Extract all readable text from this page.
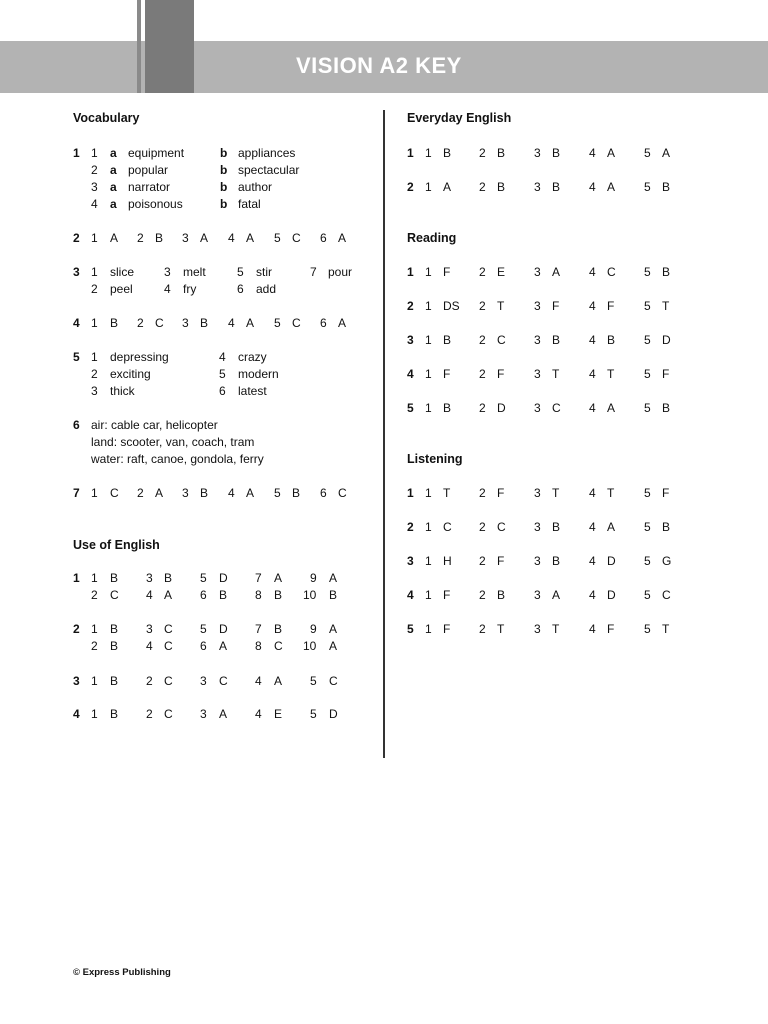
VISION A2 KEY
Vocabulary
1 1 a equipment	b appliances
2 a popular	b spectacular
3 a narrator	b author
4 a poisonous	b fatal
2 1 A 2 B 3 A 4 A 5 C 6 A
3 1 slice 3 melt	5 stir	7 pour
2 peel	4 fry	6 add
4 1 B 2 C 3 B 4 A 5 C 6 A
5 1 depressing	4 crazy
2 exciting	5 modern
3 thick	6 latest
6 air: cable car, helicopter
land: scooter, van, coach, tram
water: raft, canoe, gondola, ferry
7 1 C 2 A 3 B 4 A 5 B 6 C
Use of English
1 1 B 3 B 5 D 7 A 9 A
2 C 4 A 6 B 8 B 10 B
2 1 B 3 C 5 D 7 B 9 A
2 B 4 C 6 A 8 C 10 A
3 1 B 2 C 3 C 4 A 5 C
4 1 B 2 C 3 A 4 E 5 D
Everyday English
1 1 B 2 B 3 B 4 A 5 A
2 1 A 2 B 3 B 4 A 5 B
Reading
1 1 F 2 E 3 A 4 C 5 B
2 1 DS 2 T 3 F 4 F 5 T
3 1 B 2 C 3 B 4 B 5 D
4 1 F 2 F 3 T 4 T 5 F
5 1 B 2 D 3 C 4 A 5 B
Listening
1 1 T 2 F 3 T 4 T 5 F
2 1 C 2 C 3 B 4 A 5 B
3 1 H 2 F 3 B 4 D 5 G
4 1 F 2 B 3 A 4 D 5 C
5 1 F 2 T 3 T 4 F 5 T
© Express Publishing
